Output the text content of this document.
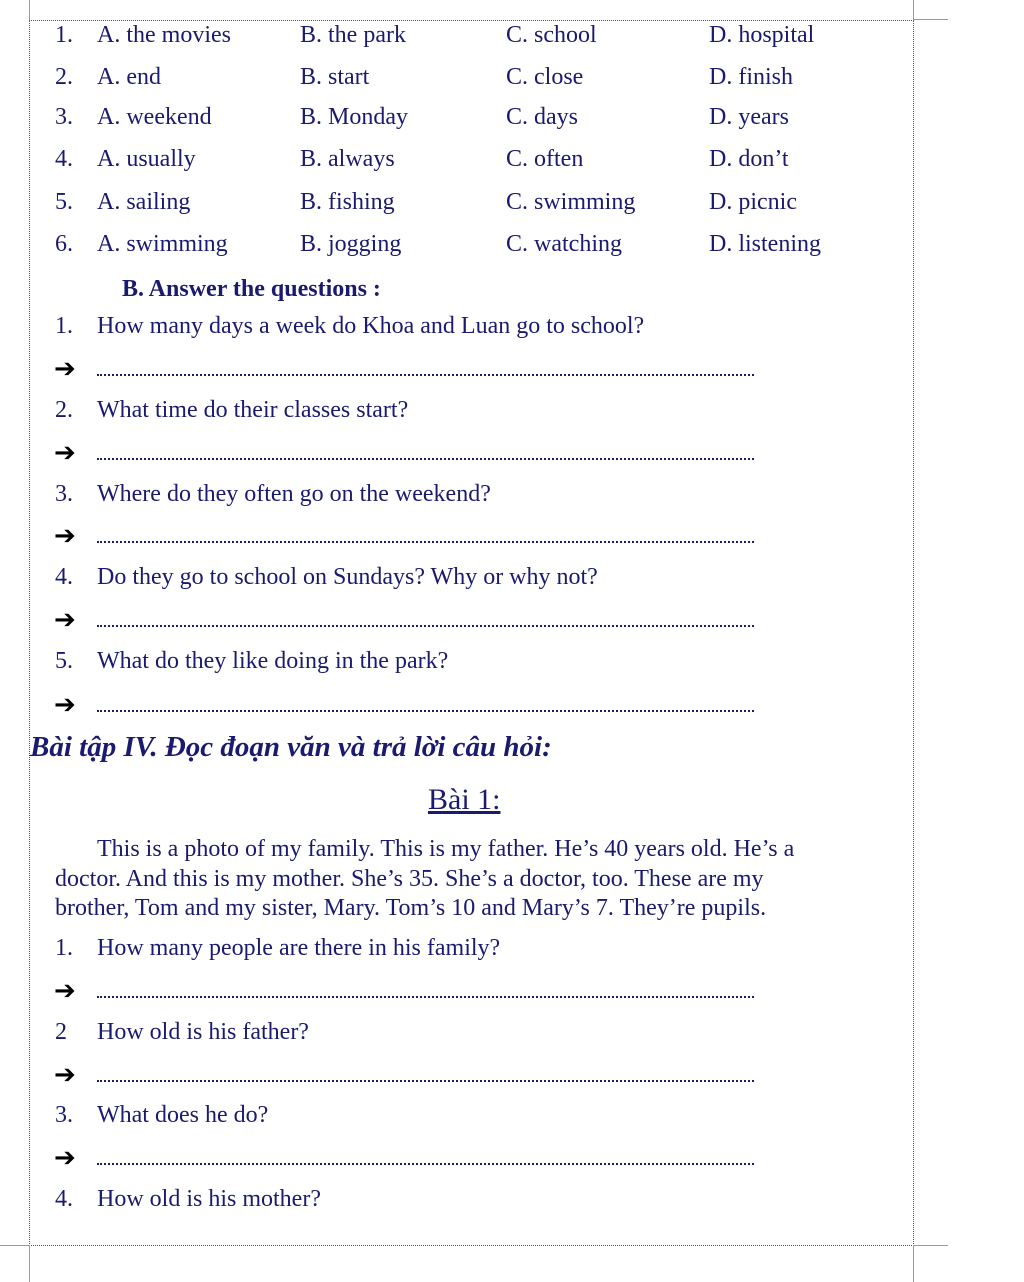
1. A. the movies	B. the park	C. school	D. hospital
2. A. end	B. start	C. close	D. finish
3. A. weekend	B. Monday	C. days	D. years
4. A. usually	B. always	C. often	D. don’t
5. A. sailing	B. fishing	C. swimming	D. picnic
6. A. swimming	B. jogging	C. watching	D. listening
B. Answer the questions :
1. How many days a week do Khoa and Luan go to school?
➔
2. What time do their classes start?
➔
3. Where do they often go on the weekend?
➔
4. Do they go to school on Sundays? Why or why not?
➔
5. What do they like doing in the park?
➔
Bài tập IV. Đọc đoạn văn và trả lời câu hỏi:
Bài 1:
This is a photo of my family. This is my father. He’s 40 years old. He’s a
doctor. And this is my mother. She’s 35. She’s a doctor, too. These are my
brother, Tom and my sister, Mary. Tom’s 10 and Mary’s 7. They’re pupils.
1. How many people are there in his family?
➔
2 How old is his father?
➔
3. What does he do?
➔
4. How old is his mother?
